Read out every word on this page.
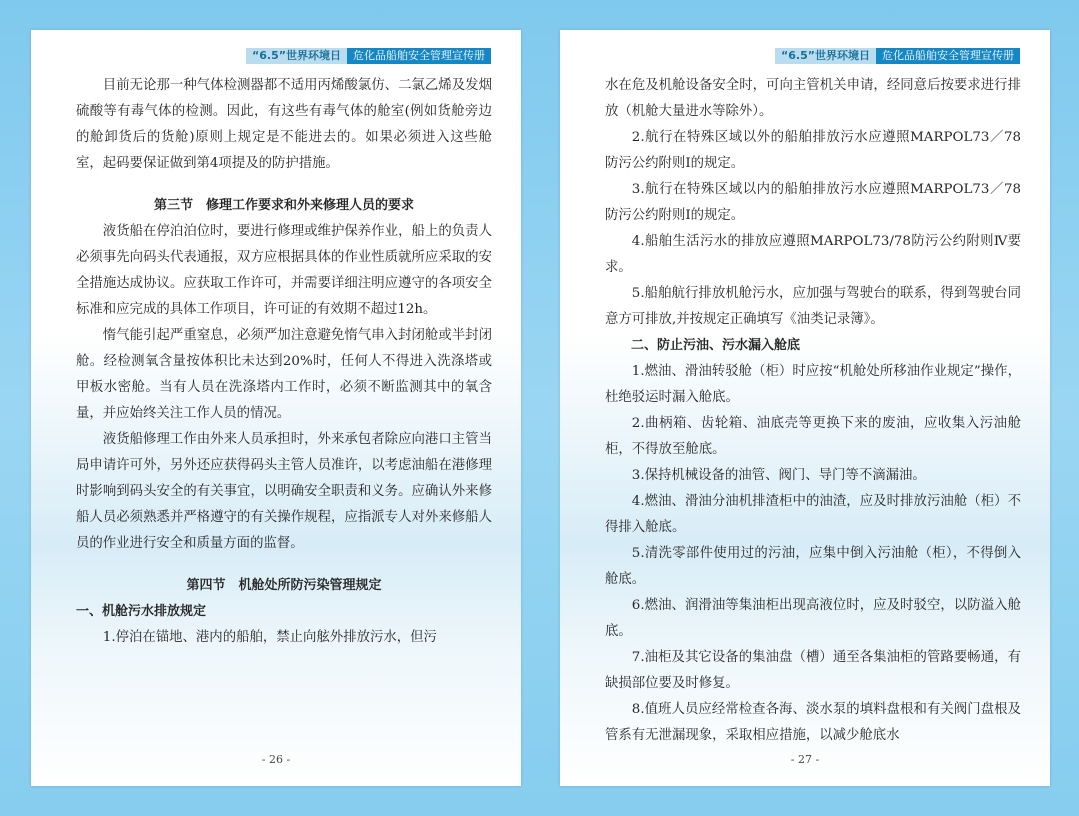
“6.5”世界环境日	危化品船舶安全管理宣传册

目前无论那一种气体检测器都不适用丙烯酸氯仿、二氯乙烯及发烟硫酸等有毒气体的检测。因此，有这些有毒气体的舱室(例如货舱旁边的舱卸货后的货舱)原则上规定是不能进去的。如果必须进入这些舱室，起码要保证做到第4项提及的防护措施。

第三节　修理工作要求和外来修理人员的要求

液货船在停泊泊位时，要进行修理或维护保养作业，船上的负责人必须事先向码头代表通报，双方应根据具体的作业性质就所应采取的安全措施达成协议。应获取工作许可，并需要详细注明应遵守的各项安全标准和应完成的具体工作项目，许可证的有效期不超过12h。

惰气能引起严重窒息，必须严加注意避免惰气串入封闭舱或半封闭舱。经检测氧含量按体积比未达到20%时，任何人不得进入洗涤塔或甲板水密舱。当有人员在洗涤塔内工作时，必须不断监测其中的氧含量，并应始终关注工作人员的情况。

液货船修理工作由外来人员承担时，外来承包者除应向港口主管当局申请许可外，另外还应获得码头主管人员准许，以考虑油船在港修理时影响到码头安全的有关事宜，以明确安全职责和义务。应确认外来修船人员必须熟悉并严格遵守的有关操作规程，应指派专人对外来修船人员的作业进行安全和质量方面的监督。

第四节　机舱处所防污染管理规定

一、机舱污水排放规定

1.停泊在锚地、港内的船舶，禁止向舷外排放污水，但污

- 26 -
“6.5”世界环境日	危化品船舶安全管理宣传册

水在危及机舱设备安全时，可向主管机关申请，经同意后按要求进行排放（机舱大量进水等除外）。

2.航行在特殊区域以外的船舶排放污水应遵照MARPOL73／78防污公约附则Ⅰ的规定。

3.航行在特殊区域以内的船舶排放污水应遵照MARPOL73／78防污公约附则Ⅰ的规定。

4.船舶生活污水的排放应遵照MARPOL73/78防污公约附则Ⅳ要求。

5.船舶航行排放机舱污水，应加强与驾驶台的联系，得到驾驶台同意方可排放,并按规定正确填写《油类记录簿》。

二、防止污油、污水漏入舱底

1.燃油、滑油转驳舱（柜）时应按“机舱处所移油作业规定”操作，杜绝驳运时漏入舱底。

2.曲柄箱、齿轮箱、油底壳等更换下来的废油，应收集入污油舱柜，不得放至舱底。

3.保持机械设备的油管、阀门、导门等不滴漏油。

4.燃油、滑油分油机排渣柜中的油渣，应及时排放污油舱（柜）不得排入舱底。

5.清洗零部件使用过的污油，应集中倒入污油舱（柜），不得倒入舱底。

6.燃油、润滑油等集油柜出现高液位时，应及时驳空，以防溢入舱底。

7.油柜及其它设备的集油盘（槽）通至各集油柜的管路要畅通，有缺损部位要及时修复。

8.值班人员应经常检查各海、淡水泵的填料盘根和有关阀门盘根及管系有无泄漏现象，采取相应措施，以减少舱底水

- 27 -
